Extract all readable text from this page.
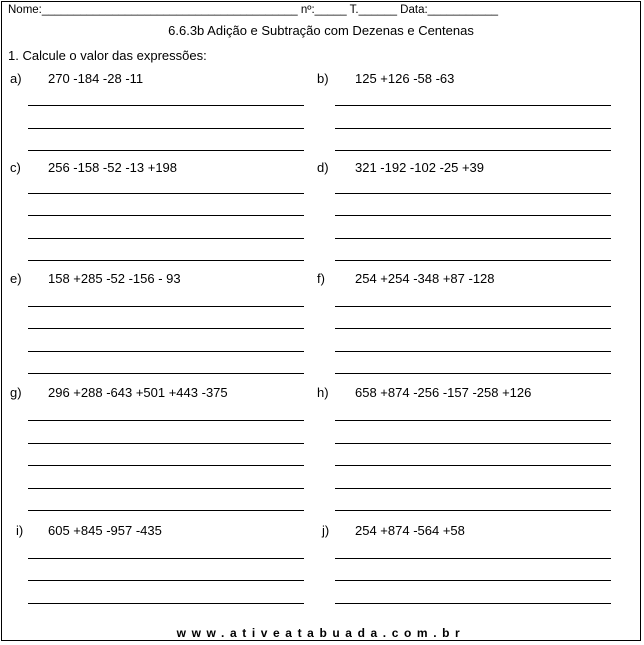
Nome:________________________________________ nº:_____ T.______ Data:___________
6.6.3b Adição e Subtração com Dezenas e Centenas
1. Calcule o valor das expressões:
a) 270 -184 -28 -11	b) 125 +126 -58 -63
c) 256 -158 -52 -13 +198	d) 321 -192 -102 -25 +39
e) 158 +285 -52 -156 - 93	f) 254 +254 -348 +87 -128
g) 296 +288 -643 +501 +443 -375	h) 658 +874 -256 -157 -258 +126
i) 605 +845 -957 -435	j) 254 +874 -564 +58
www.ativeatabuada.com.br
